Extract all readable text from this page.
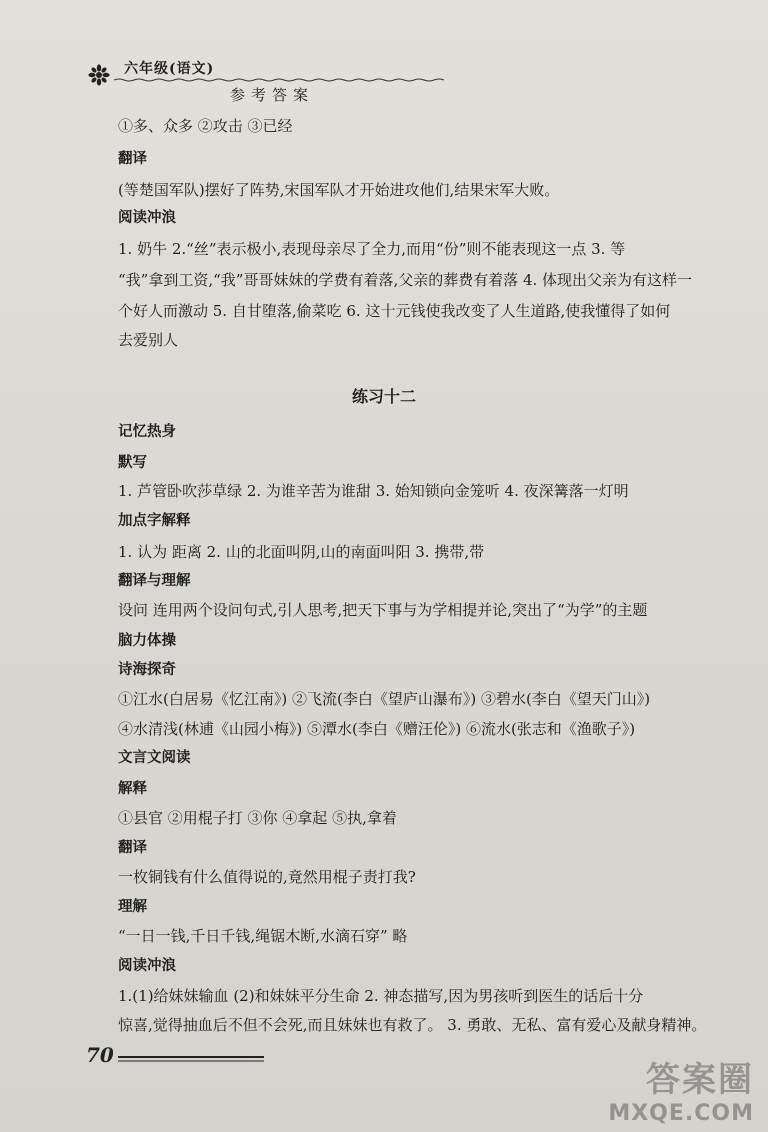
六年级(语文)
参考答案
①多、众多 ②攻击 ③已经
翻译
(等楚国军队)摆好了阵势,宋国军队才开始进攻他们,结果宋军大败。
阅读冲浪
1. 奶牛 2.“丝”表示极小,表现母亲尽了全力,而用“份”则不能表现这一点 3. 等
“我”拿到工资,“我”哥哥妹妹的学费有着落,父亲的葬费有着落 4. 体现出父亲为有这样一
个好人而激动 5. 自甘堕落,偷菜吃 6. 这十元钱使我改变了人生道路,使我懂得了如何
去爱别人
练习十二
记忆热身
默写
1. 芦管卧吹莎草绿 2. 为谁辛苦为谁甜 3. 始知锁向金笼听 4. 夜深篝落一灯明
加点字解释
1. 认为 距离 2. 山的北面叫阴,山的南面叫阳 3. 携带,带
翻译与理解
设问 连用两个设问句式,引人思考,把天下事与为学相提并论,突出了“为学”的主题
脑力体操
诗海探奇
①江水(白居易《忆江南》) ②飞流(李白《望庐山瀑布》) ③碧水(李白《望天门山》)
④水清浅(林逋《山园小梅》) ⑤潭水(李白《赠汪伦》) ⑥流水(张志和《渔歌子》)
文言文阅读
解释
①县官 ②用棍子打 ③你 ④拿起 ⑤执,拿着
翻译
一枚铜钱有什么值得说的,竟然用棍子责打我?
理解
“一日一钱,千日千钱,绳锯木断,水滴石穿” 略
阅读冲浪
1.(1)给妹妹输血 (2)和妹妹平分生命 2. 神态描写,因为男孩听到医生的话后十分
惊喜,觉得抽血后不但不会死,而且妹妹也有救了。 3. 勇敢、无私、富有爱心及献身精神。
70
答案圈
MXQE.COM
